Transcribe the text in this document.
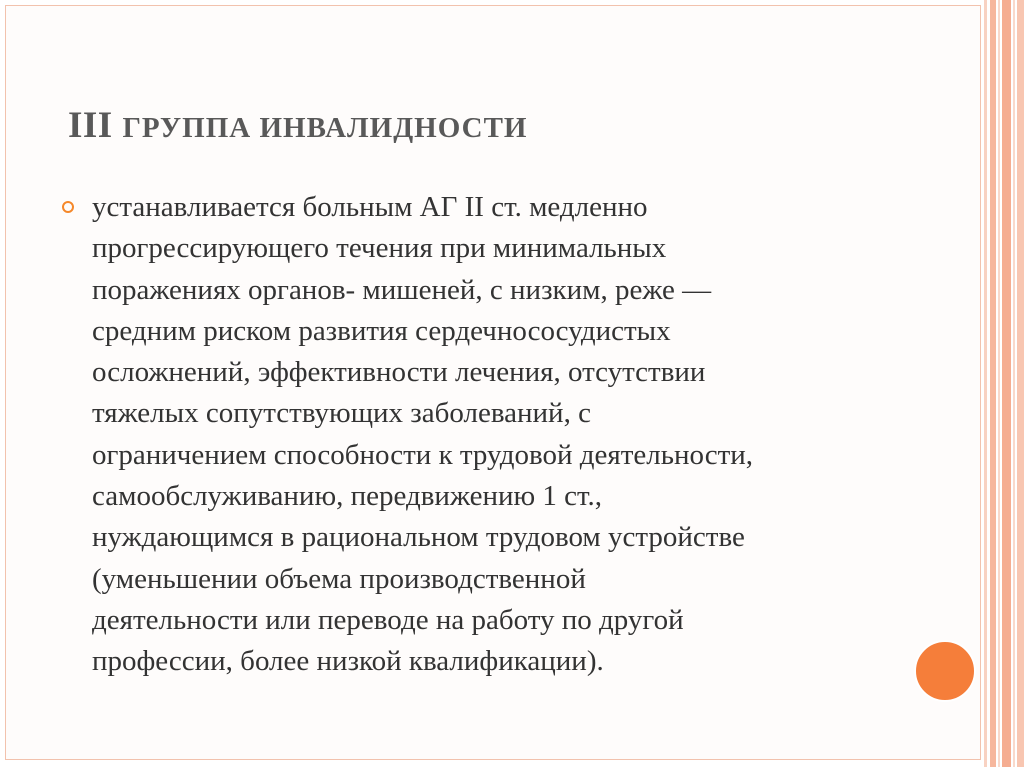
III ГРУППА ИНВАЛИДНОСТИ

устанавливается больным АГ II ст. медленно
прогрессирующего течения при минимальных
поражениях органов- мишеней, с низким, реже —
средним риском развития сердечнососудистых
осложнений, эффективности лечения, отсутствии
тяжелых сопутствующих заболеваний, с
ограничением способности к трудовой деятельности,
самообслуживанию, передвижению 1 ст.,
нуждающимся в рациональном трудовом устройстве
(уменьшении объема производственной
деятельности или переводе на работу по другой
профессии, более низкой квалификации).
